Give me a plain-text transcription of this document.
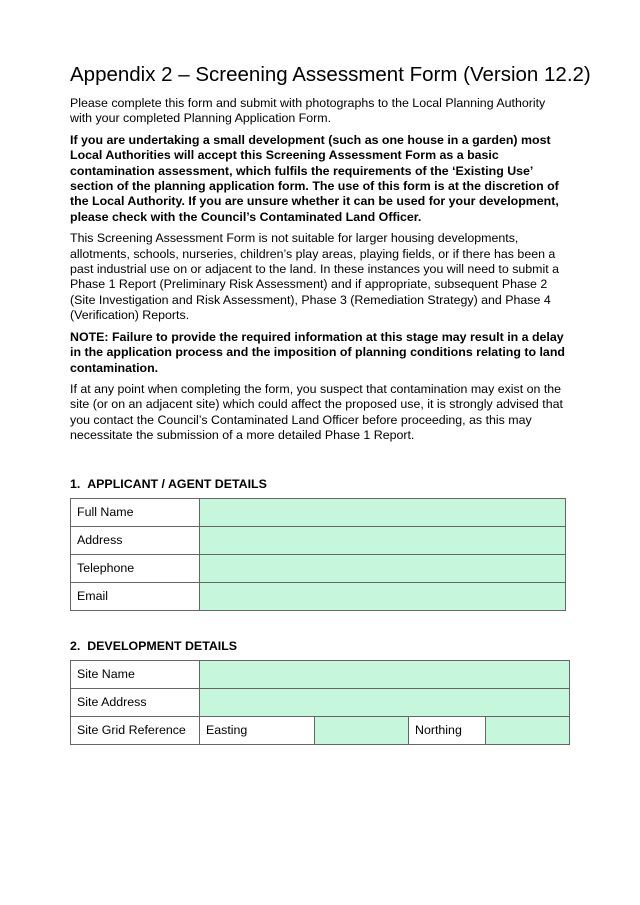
Appendix 2 – Screening Assessment Form (Version 12.2)

Please complete this form and submit with photographs to the Local Planning Authority with your completed Planning Application Form.

If you are undertaking a small development (such as one house in a garden) most Local Authorities will accept this Screening Assessment Form as a basic contamination assessment, which fulfils the requirements of the ‘Existing Use’ section of the planning application form. The use of this form is at the discretion of the Local Authority. If you are unsure whether it can be used for your development, please check with the Council’s Contaminated Land Officer.

This Screening Assessment Form is not suitable for larger housing developments, allotments, schools, nurseries, children’s play areas, playing fields, or if there has been a past industrial use on or adjacent to the land. In these instances you will need to submit a Phase 1 Report (Preliminary Risk Assessment) and if appropriate, subsequent Phase 2 (Site Investigation and Risk Assessment), Phase 3 (Remediation Strategy) and Phase 4 (Verification) Reports.

NOTE: Failure to provide the required information at this stage may result in a delay in the application process and the imposition of planning conditions relating to land contamination.

If at any point when completing the form, you suspect that contamination may exist on the site (or on an adjacent site) which could affect the proposed use, it is strongly advised that you contact the Council’s Contaminated Land Officer before proceeding, as this may necessitate the submission of a more detailed Phase 1 Report.

1.  APPLICANT / AGENT DETAILS
Full Name	
Address	
Telephone	
Email	
2.  DEVELOPMENT DETAILS
Site Name				
Site Address				
Site Grid Reference	Easting		Northing	
